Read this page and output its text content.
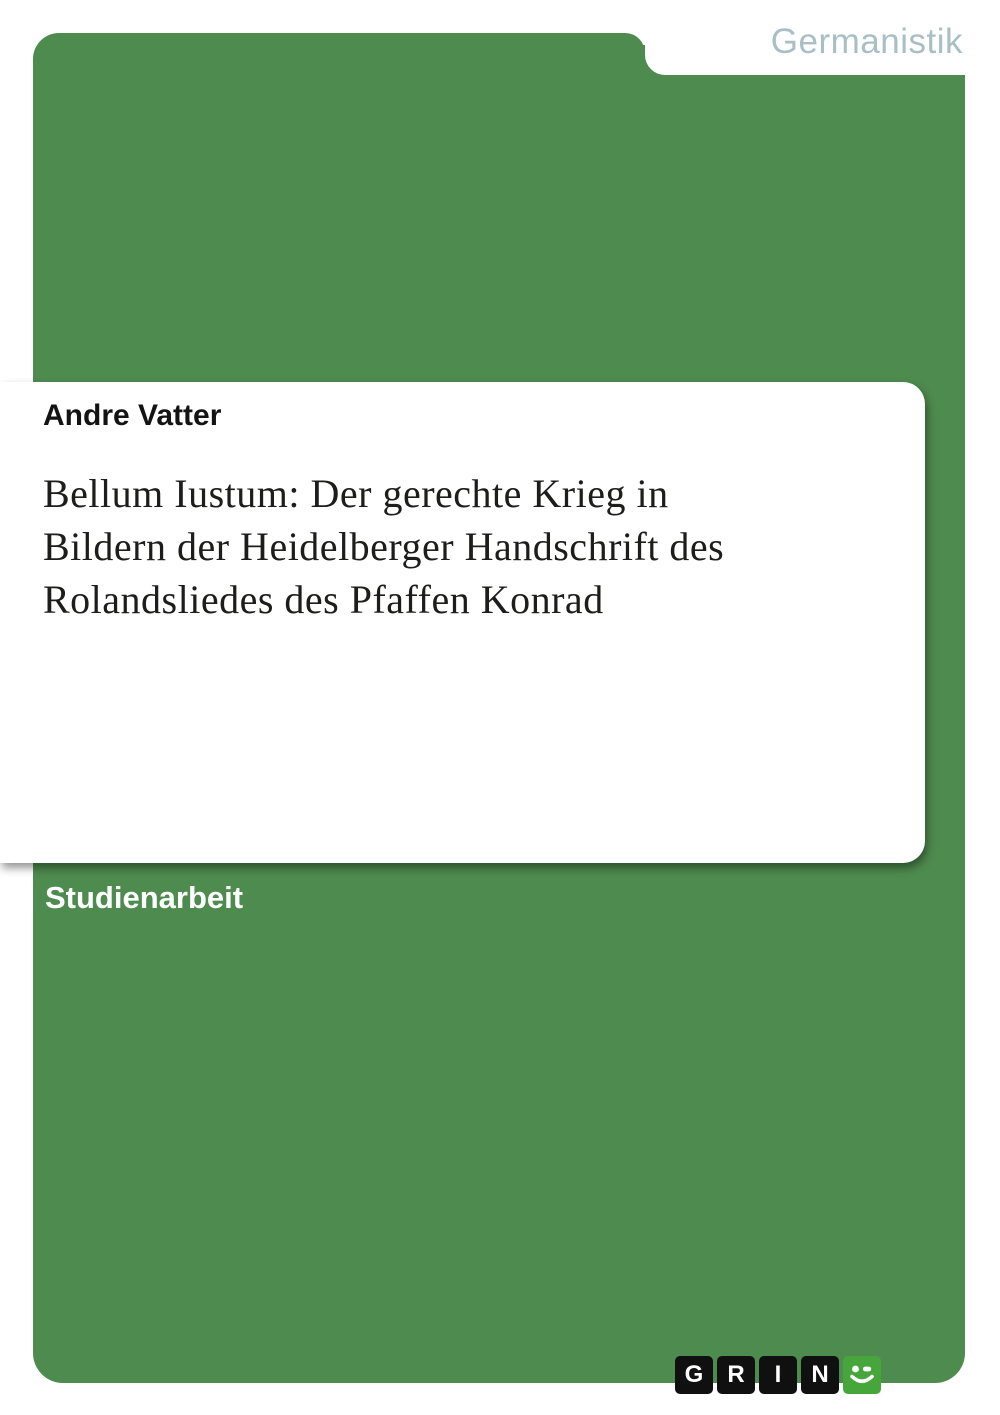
Germanistik
Andre Vatter
Bellum Iustum: Der gerechte Krieg in
Bildern der Heidelberger Handschrift des
Rolandsliedes des Pfaffen Konrad
Studienarbeit
G	R	I	N
